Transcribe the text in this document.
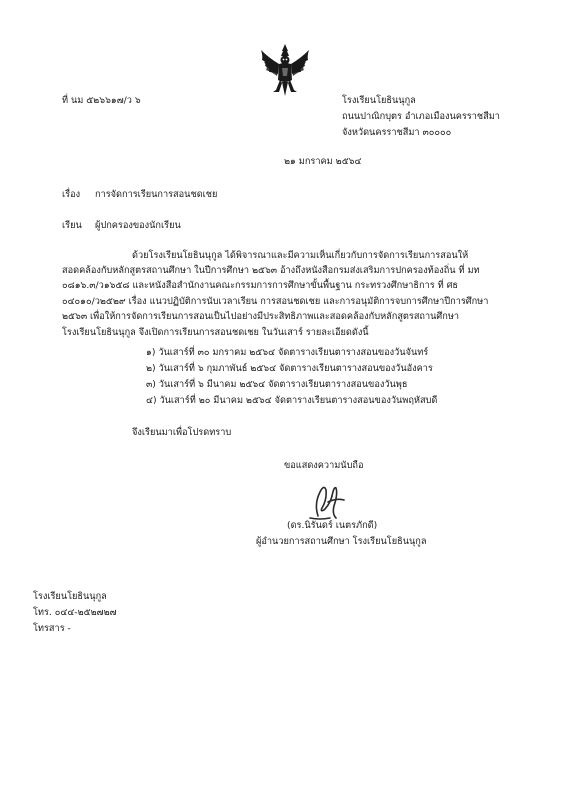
ที่ นม ๕๒๖๖๑๗/ว ๖	โรงเรียนโยธินนุกูล
ถนนปาณิกบุตร อำเภอเมืองนครราชสีมา
จังหวัดนครราชสีมา ๓๐๐๐๐
๒๑ มกราคม ๒๕๖๔
เรื่อง การจัดการเรียนการสอนชดเชย
เรียน ผู้ปกครองของนักเรียน
ด้วยโรงเรียนโยธินนุกูล ได้พิจารณาและมีความเห็นเกี่ยวกับการจัดการเรียนการสอนให้
สอดคล้องกับหลักสูตรสถานศึกษา ในปีการศึกษา ๒๕๖๓ อ้างถึงหนังสือกรมส่งเสริมการปกครองท้องถิ่น ที่ มท
๐๘๑๖.๓/ว๑๖๕๘ และหนังสือสำนักงานคณะกรรมการการศึกษาขั้นพื้นฐาน กระทรวงศึกษาธิการ ที่ ศธ
๐๔๐๑๐/ว๒๕๒๙ เรื่อง แนวปฏิบัติการนับเวลาเรียน การสอนชดเชย และการอนุมัติการจบการศึกษาปีการศึกษา
๒๕๖๓ เพื่อให้การจัดการเรียนการสอนเป็นไปอย่างมีประสิทธิภาพและสอดคล้องกับหลักสูตรสถานศึกษา
โรงเรียนโยธินนุกูล จึงเปิดการเรียนการสอนชดเชย ในวันเสาร์ รายละเอียดดังนี้
๑) วันเสาร์ที่ ๓๐ มกราคม ๒๕๖๔ จัดตารางเรียนตารางสอนของวันจันทร์
๒) วันเสาร์ที่ ๖ กุมภาพันธ์ ๒๕๖๔ จัดตารางเรียนตารางสอนของวันอังคาร
๓) วันเสาร์ที่ ๖ มีนาคม ๒๕๖๔ จัดตารางเรียนตารางสอนของวันพุธ
๔) วันเสาร์ที่ ๒๐ มีนาคม ๒๕๖๔ จัดตารางเรียนตารางสอนของวันพฤหัสบดี
จึงเรียนมาเพื่อโปรดทราบ
ขอแสดงความนับถือ
(ดร.นิรันดร์ เนตรภักดี)
ผู้อำนวยการสถานศึกษา โรงเรียนโยธินนุกูล
โรงเรียนโยธินนุกูล
โทร. ๐๔๔-๒๕๒๗๒๗
โทรสาร -
